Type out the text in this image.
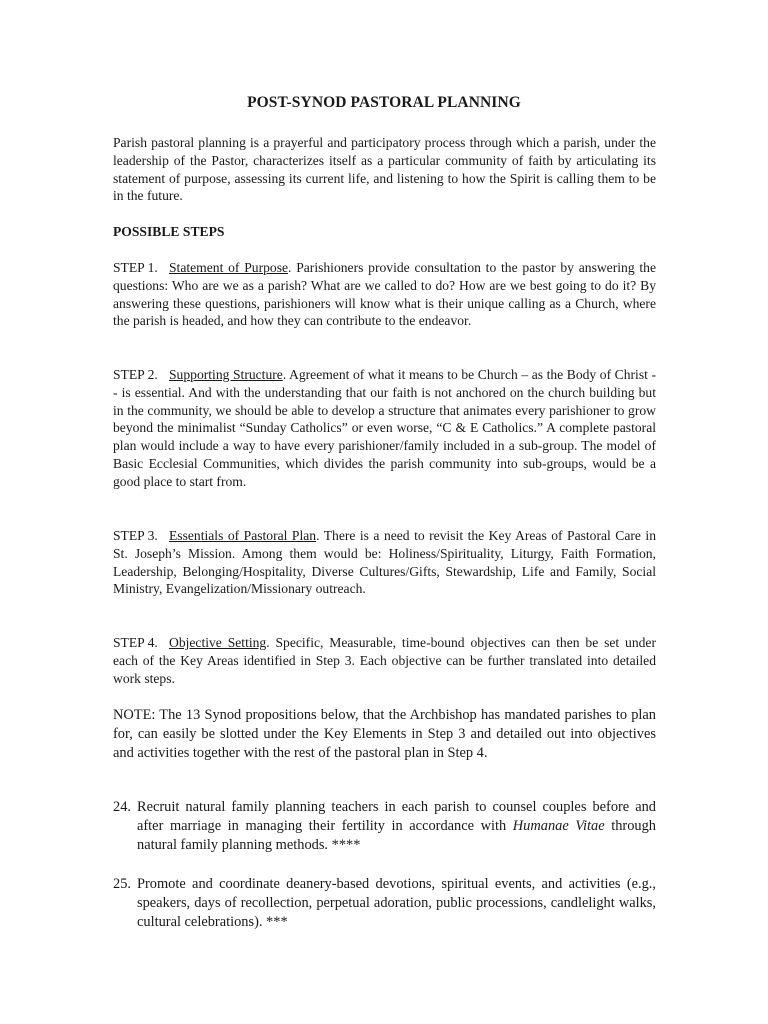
POST-SYNOD PASTORAL PLANNING

Parish pastoral planning is a prayerful and participatory process through which a parish, under the leadership of the Pastor, characterizes itself as a particular community of faith by articulating its statement of purpose, assessing its current life, and listening to how the Spirit is calling them to be in the future.

POSSIBLE STEPS

STEP 1. Statement of Purpose. Parishioners provide consultation to the pastor by answering the questions: Who are we as a parish? What are we called to do? How are we best going to do it? By answering these questions, parishioners will know what is their unique calling as a Church, where the parish is headed, and how they can contribute to the endeavor.
STEP 2. Supporting Structure. Agreement of what it means to be Church – as the Body of Christ -- is essential. And with the understanding that our faith is not anchored on the church building but in the community, we should be able to develop a structure that animates every parishioner to grow beyond the minimalist “Sunday Catholics” or even worse, “C & E Catholics.” A complete pastoral plan would include a way to have every parishioner/family included in a sub-group. The model of Basic Ecclesial Communities, which divides the parish community into sub-groups, would be a good place to start from.
STEP 3. Essentials of Pastoral Plan. There is a need to revisit the Key Areas of Pastoral Care in St. Joseph’s Mission. Among them would be: Holiness/Spirituality, Liturgy, Faith Formation, Leadership, Belonging/Hospitality, Diverse Cultures/Gifts, Stewardship, Life and Family, Social Ministry, Evangelization/Missionary outreach.
STEP 4. Objective Setting. Specific, Measurable, time-bound objectives can then be set under each of the Key Areas identified in Step 3. Each objective can be further translated into detailed work steps.

NOTE: The 13 Synod propositions below, that the Archbishop has mandated parishes to plan for, can easily be slotted under the Key Elements in Step 3 and detailed out into objectives and activities together with the rest of the pastoral plan in Step 4.

24. Recruit natural family planning teachers in each parish to counsel couples before and after marriage in managing their fertility in accordance with Humanae Vitae through natural family planning methods. ****
25. Promote and coordinate deanery-based devotions, spiritual events, and activities (e.g., speakers, days of recollection, perpetual adoration, public processions, candlelight walks, cultural celebrations). ***
